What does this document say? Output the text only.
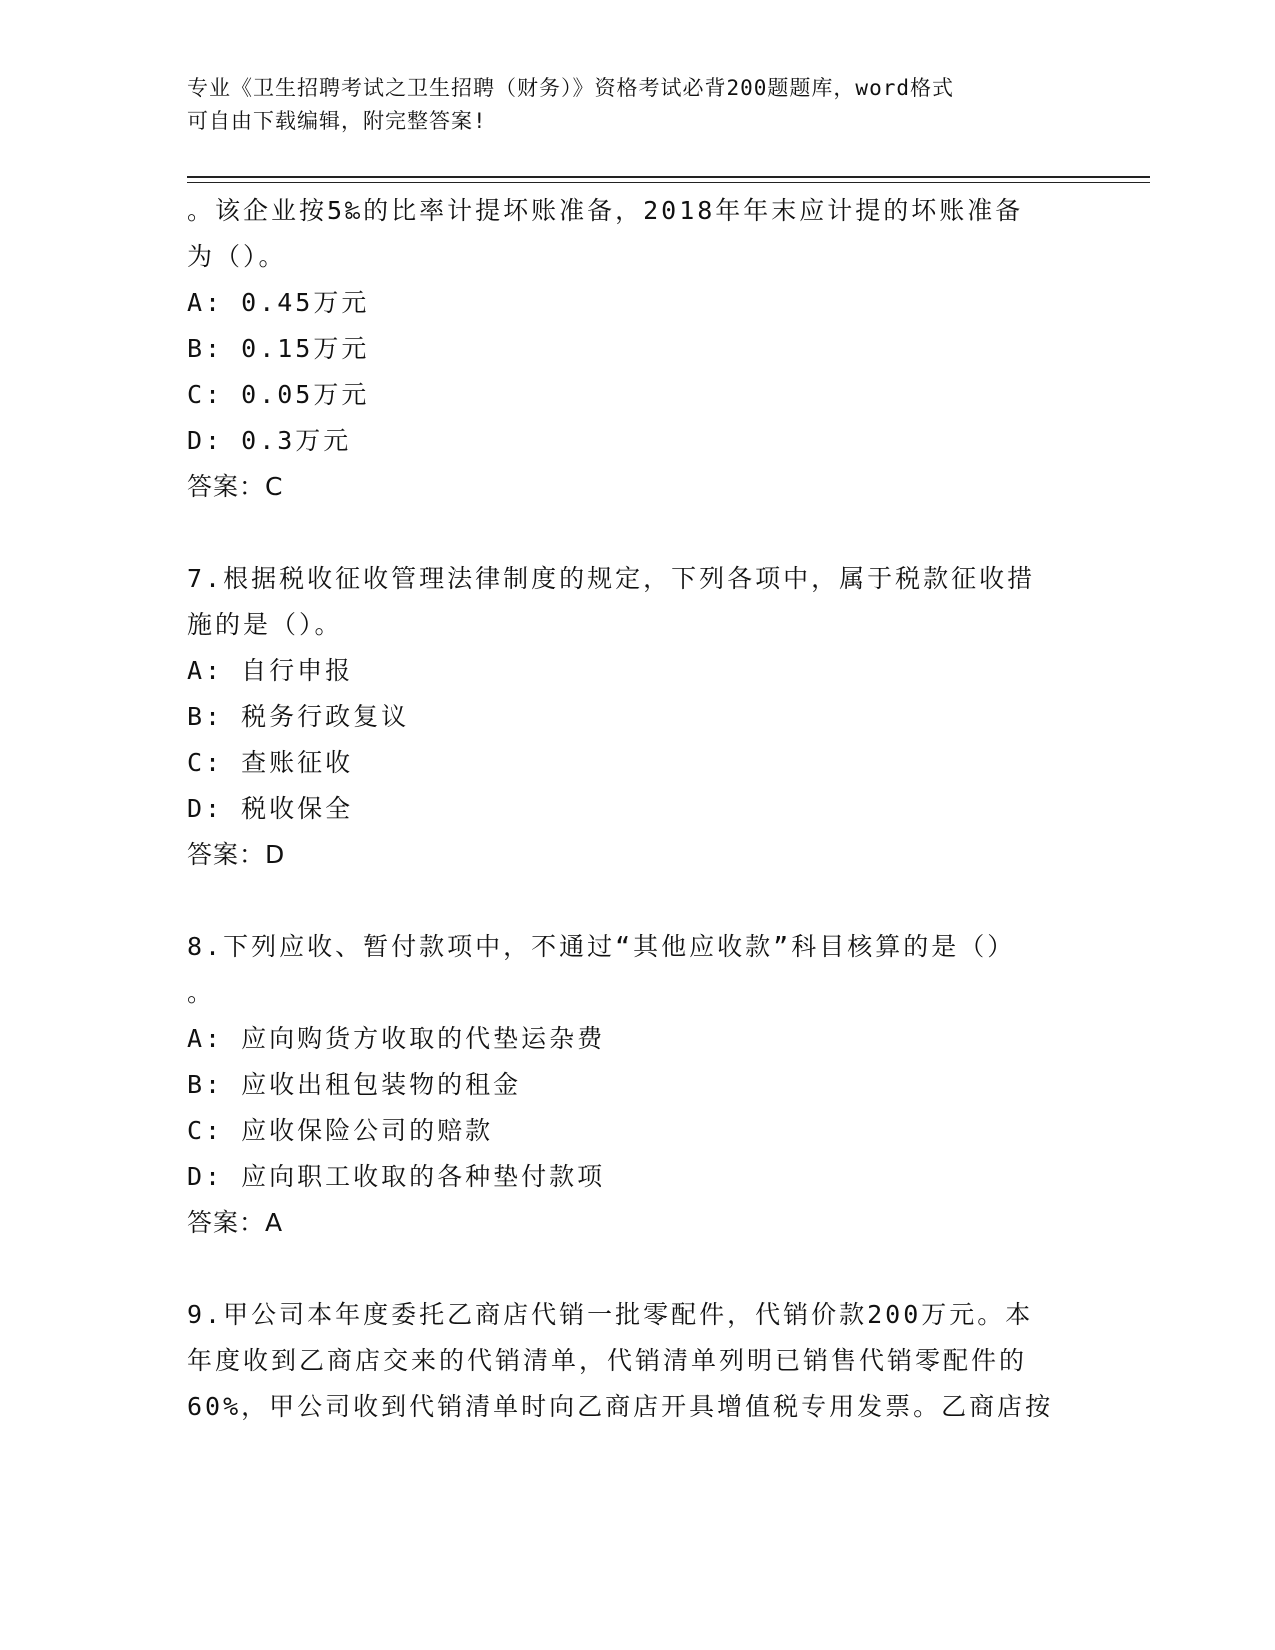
专业《卫生招聘考试之卫生招聘（财务）》资格考试必背200题题库，word格式
可自由下载编辑，附完整答案!
。该企业按5‰的比率计提坏账准备，2018年年末应计提的坏账准备
为（）。
A: 0.45万元
B: 0.15万元
C: 0.05万元
D: 0.3万元
答案：C
7.根据税收征收管理法律制度的规定，下列各项中，属于税款征收措
施的是（）。
A: 自行申报
B: 税务行政复议
C: 查账征收
D: 税收保全
答案：D
8.下列应收、暂付款项中，不通过“其他应收款”科目核算的是（）
。
A: 应向购货方收取的代垫运杂费
B: 应收出租包装物的租金
C: 应收保险公司的赔款
D: 应向职工收取的各种垫付款项
答案：A
9.甲公司本年度委托乙商店代销一批零配件，代销价款200万元。本
年度收到乙商店交来的代销清单，代销清单列明已销售代销零配件的
60%，甲公司收到代销清单时向乙商店开具增值税专用发票。乙商店按
